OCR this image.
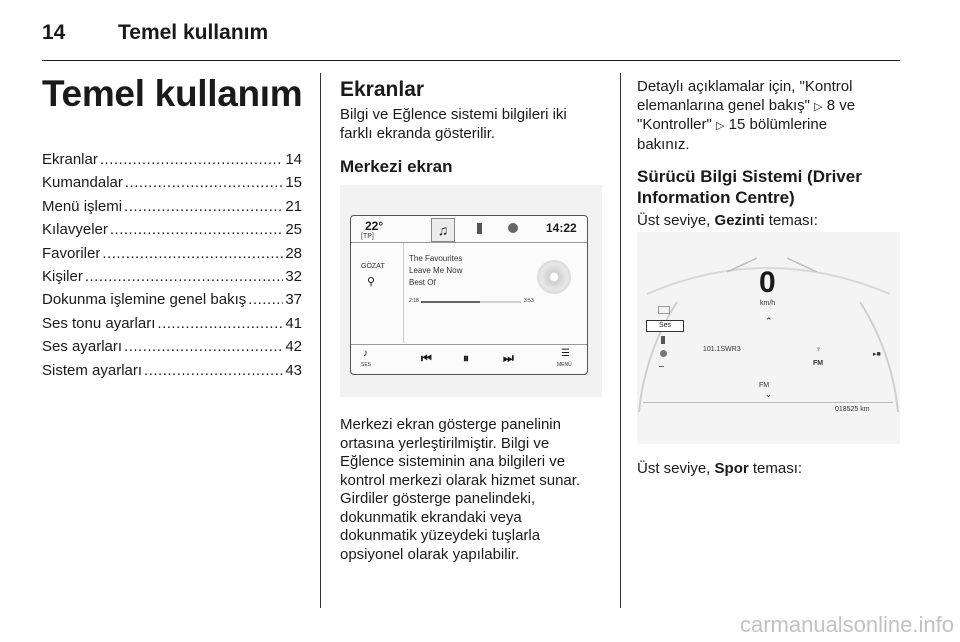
14	Temel kullanım
Temel kullanım
Ekranlar .....	14
Kumandalar .....	15
Menü işlemi .....	21
Kılavyeler .....	25
Favoriler .....	28
Kişiler .....	32
Dokunma işlemine genel bakış .....	37
Ses tonu ayarları .....	41
Ses ayarları .....	42
Sistem ayarları .....	43
Ekranlar
Bilgi ve Eğlence sistemi bilgileri iki farklı ekranda gösterilir.
Merkezi ekran
22°
[TP]	♫	14:22
GÖZAT
⚲
The Favourites
Leave Me Now
Best Of
2:18	3:53
♪
SES	⏮	⏸	⏭	☰
MENÜ
Merkezi ekran gösterge panelinin ortasına yerleştirilmiştir. Bilgi ve Eğlence sisteminin ana bilgileri ve kontrol merkezi olarak hizmet sunar.
Girdiler gösterge panelindeki, dokunmatik ekrandaki veya dokunmatik yüzeydeki tuşlarla opsiyonel olarak yapılabilir.
Detaylı açıklamalar için, "Kontrol elemanlarına genel bakış" ▷ 8 ve "Kontroller" ▷ 15 bölümlerine bakınız.
Sürücü Bilgi Sistemi (Driver Information Centre)
Üst seviye, Gezinti teması:
0
km/h
Ses
∽
⌃
101.1SWR3	♆
FM
▸■
FM
⌄
018525 km
Üst seviye, Spor teması:
carmanualsonline.info
